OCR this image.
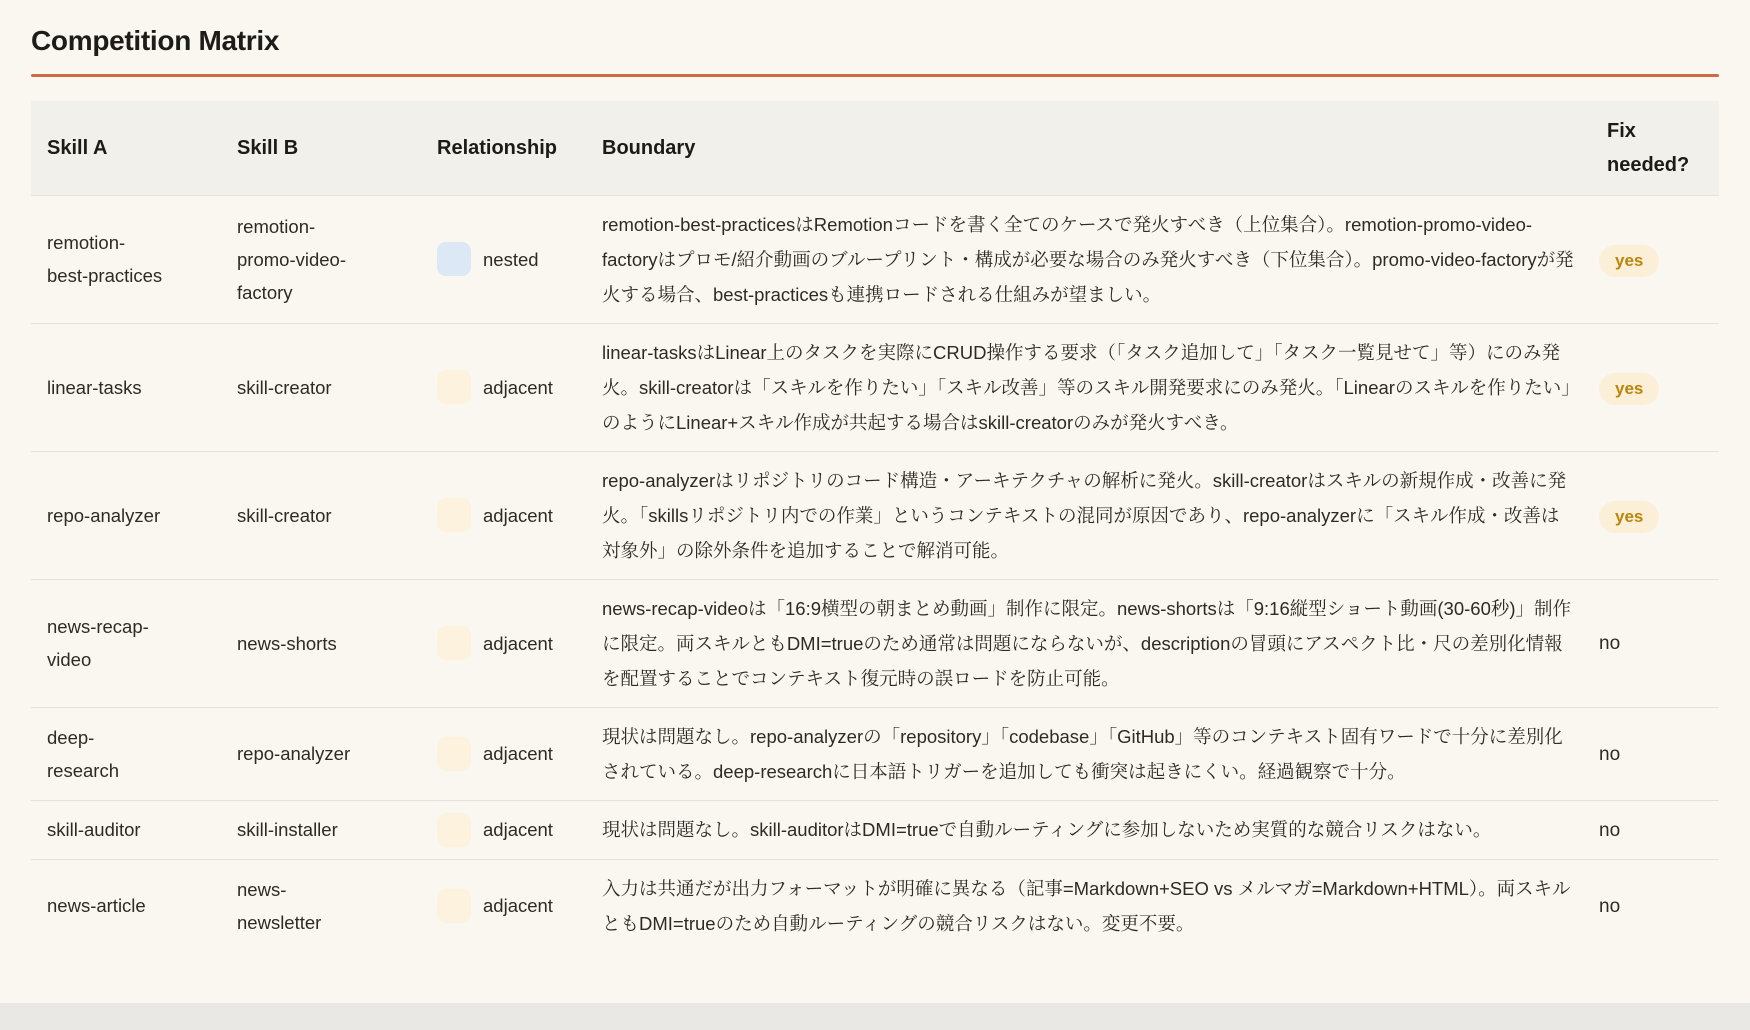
Competition Matrix
Skill A	Skill B	Relationship	Boundary	Fix needed?

remotion-best-practices	remotion-promo-video-factory	nested	remotion-best-practicesはRemotionコードを書く全てのケースで発火すべき（上位集合）。remotion-promo-video-factoryはプロモ/紹介動画のブループリント・構成が必要な場合のみ発火すべき（下位集合）。promo-video-factoryが発火する場合、best-practicesも連携ロードされる仕組みが望ましい。	yes

linear-tasks	skill-creator	adjacent	linear-tasksはLinear上のタスクを実際にCRUD操作する要求（「タスク追加して」「タスク一覧見せて」等）にのみ発火。skill-creatorは「スキルを作りたい」「スキル改善」等のスキル開発要求にのみ発火。「Linearのスキルを作りたい」のようにLinear+スキル作成が共起する場合はskill-creatorのみが発火すべき。	yes

repo-analyzer	skill-creator	adjacent	repo-analyzerはリポジトリのコード構造・アーキテクチャの解析に発火。skill-creatorはスキルの新規作成・改善に発火。「skillsリポジトリ内での作業」というコンテキストの混同が原因であり、repo-analyzerに「スキル作成・改善は対象外」の除外条件を追加することで解消可能。	yes

news-recap-video	news-shorts	adjacent	news-recap-videoは「16:9横型の朝まとめ動画」制作に限定。news-shortsは「9:16縦型ショート動画(30-60秒)」制作に限定。両スキルともDMI=trueのため通常は問題にならないが、descriptionの冒頭にアスペクト比・尺の差別化情報を配置することでコンテキスト復元時の誤ロードを防止可能。	no

deep-research	repo-analyzer	adjacent	現状は問題なし。repo-analyzerの「repository」「codebase」「GitHub」等のコンテキスト固有ワードで十分に差別化されている。deep-researchに日本語トリガーを追加しても衝突は起きにくい。経過観察で十分。	no

skill-auditor	skill-installer	adjacent	現状は問題なし。skill-auditorはDMI=trueで自動ルーティングに参加しないため実質的な競合リスクはない。	no

news-article	news-newsletter	adjacent	入力は共通だが出力フォーマットが明確に異なる（記事=Markdown+SEO vs メルマガ=Markdown+HTML）。両スキルともDMI=trueのため自動ルーティングの競合リスクはない。変更不要。	no
